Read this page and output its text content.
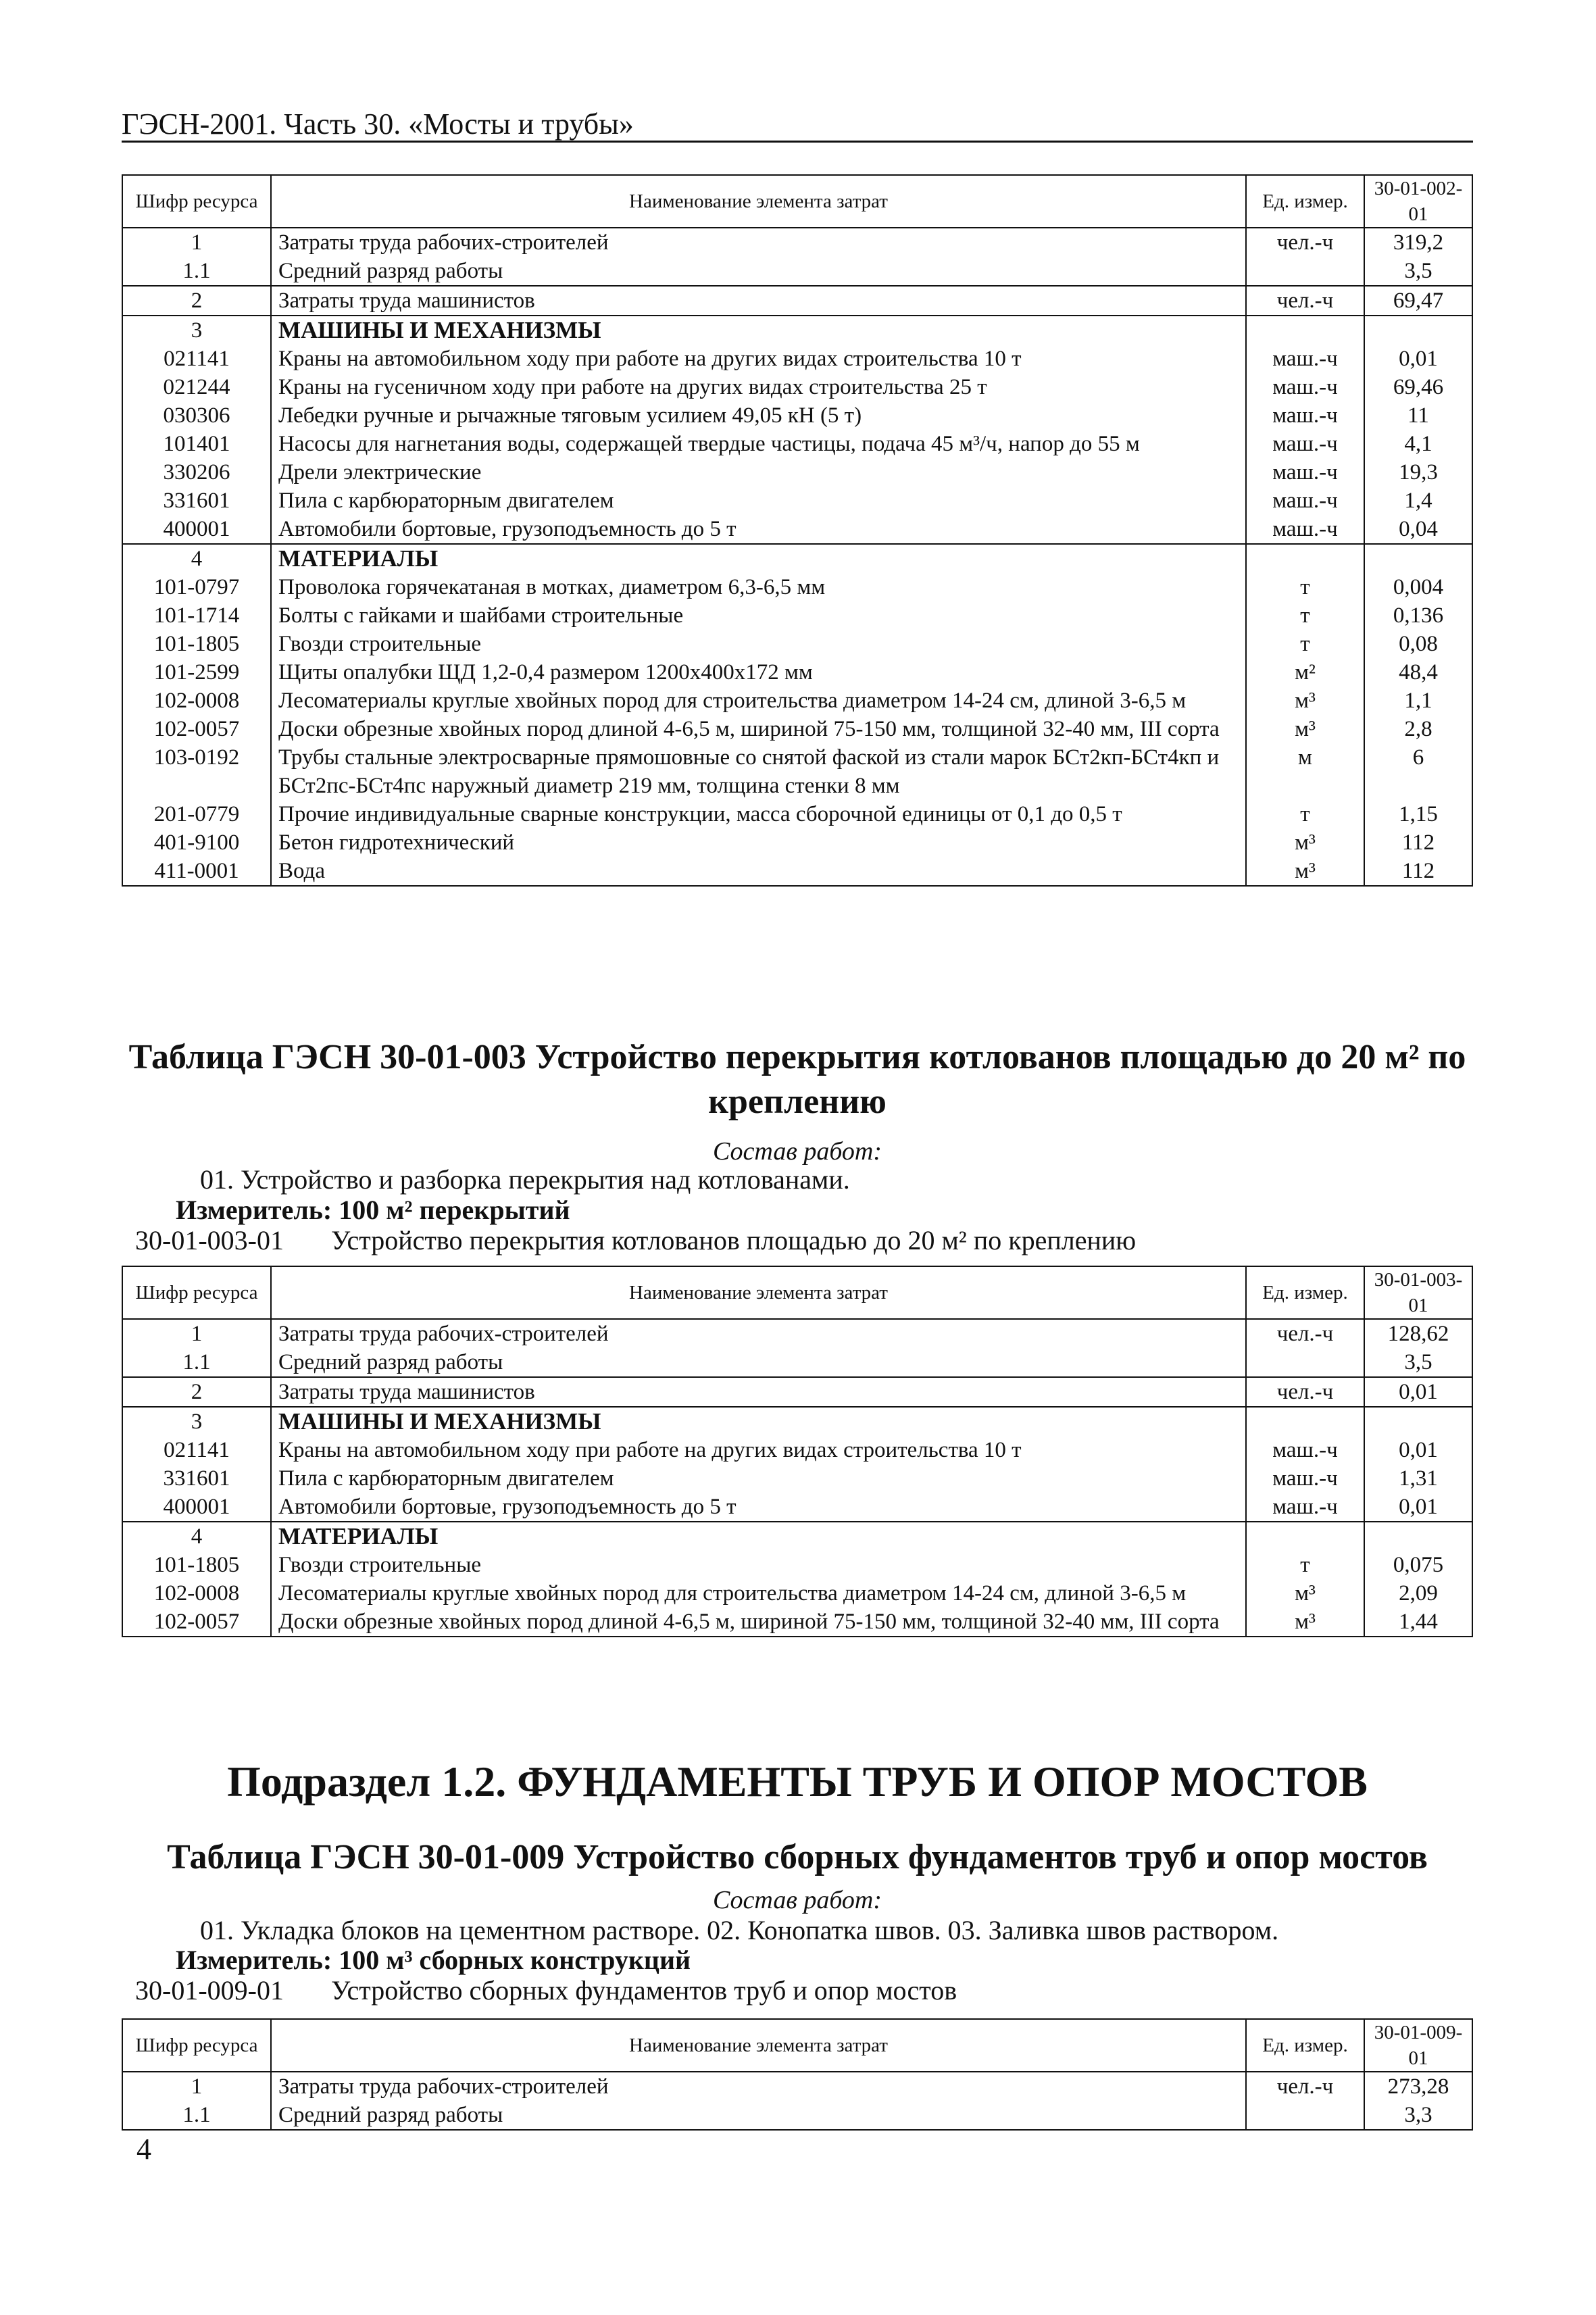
ГЭСН-2001. Часть 30. «Мосты и трубы»
Шифр ресурса	Наименование элемента затрат	Ед. измер.	30-01-002-01
1	Затраты труда рабочих-строителей	чел.-ч	319,2
1.1	Средний разряд работы		3,5
2	Затраты труда машинистов	чел.-ч	69,47
3	МАШИНЫ И МЕХАНИЗМЫ		
021141	Краны на автомобильном ходу при работе на других видах строительства 10 т	маш.-ч	0,01
021244	Краны на гусеничном ходу при работе на других видах строительства 25 т	маш.-ч	69,46
030306	Лебедки ручные и рычажные тяговым усилием 49,05 кН (5 т)	маш.-ч	11
101401	Насосы для нагнетания воды, содержащей твердые частицы, подача 45 м³/ч, напор до 55 м	маш.-ч	4,1
330206	Дрели электрические	маш.-ч	19,3
331601	Пила с карбюраторным двигателем	маш.-ч	1,4
400001	Автомобили бортовые, грузоподъемность до 5 т	маш.-ч	0,04
4	МАТЕРИАЛЫ		
101-0797	Проволока горячекатаная в мотках, диаметром 6,3-6,5 мм	т	0,004
101-1714	Болты с гайками и шайбами строительные	т	0,136
101-1805	Гвозди строительные	т	0,08
101-2599	Щиты опалубки ЩД 1,2-0,4 размером 1200x400x172 мм	м²	48,4
102-0008	Лесоматериалы круглые хвойных пород для строительства диаметром 14-24 см, длиной 3-6,5 м	м³	1,1
102-0057	Доски обрезные хвойных пород длиной 4-6,5 м, шириной 75-150 мм, толщиной 32-40 мм, III сорта	м³	2,8
103-0192	Трубы стальные электросварные прямошовные со снятой фаской из стали марок БСт2кп-БСт4кп и БСт2пс-БСт4пс наружный диаметр 219 мм, толщина стенки 8 мм	м	6
201-0779	Прочие индивидуальные сварные конструкции, масса сборочной единицы от 0,1 до 0,5 т	т	1,15
401-9100	Бетон гидротехнический	м³	112
411-0001	Вода	м³	112
Таблица ГЭСН 30-01-003 Устройство перекрытия котлованов площадью до 20 м² по креплению
Состав работ:
01. Устройство и разборка перекрытия над котлованами.
Измеритель: 100 м² перекрытий
30-01-003-01 Устройство перекрытия котлованов площадью до 20 м² по креплению
Шифр ресурса	Наименование элемента затрат	Ед. измер.	30-01-003-01
1	Затраты труда рабочих-строителей	чел.-ч	128,62
1.1	Средний разряд работы		3,5
2	Затраты труда машинистов	чел.-ч	0,01
3	МАШИНЫ И МЕХАНИЗМЫ		
021141	Краны на автомобильном ходу при работе на других видах строительства 10 т	маш.-ч	0,01
331601	Пила с карбюраторным двигателем	маш.-ч	1,31
400001	Автомобили бортовые, грузоподъемность до 5 т	маш.-ч	0,01
4	МАТЕРИАЛЫ		
101-1805	Гвозди строительные	т	0,075
102-0008	Лесоматериалы круглые хвойных пород для строительства диаметром 14-24 см, длиной 3-6,5 м	м³	2,09
102-0057	Доски обрезные хвойных пород длиной 4-6,5 м, шириной 75-150 мм, толщиной 32-40 мм, III сорта	м³	1,44
Подраздел 1.2. ФУНДАМЕНТЫ ТРУБ И ОПОР МОСТОВ
Таблица ГЭСН 30-01-009 Устройство сборных фундаментов труб и опор мостов
Состав работ:
01. Укладка блоков на цементном растворе. 02. Конопатка швов. 03. Заливка швов раствором.
Измеритель: 100 м³ сборных конструкций
30-01-009-01 Устройство сборных фундаментов труб и опор мостов
Шифр ресурса	Наименование элемента затрат	Ед. измер.	30-01-009-01
1	Затраты труда рабочих-строителей	чел.-ч	273,28
1.1	Средний разряд работы		3,3
4
